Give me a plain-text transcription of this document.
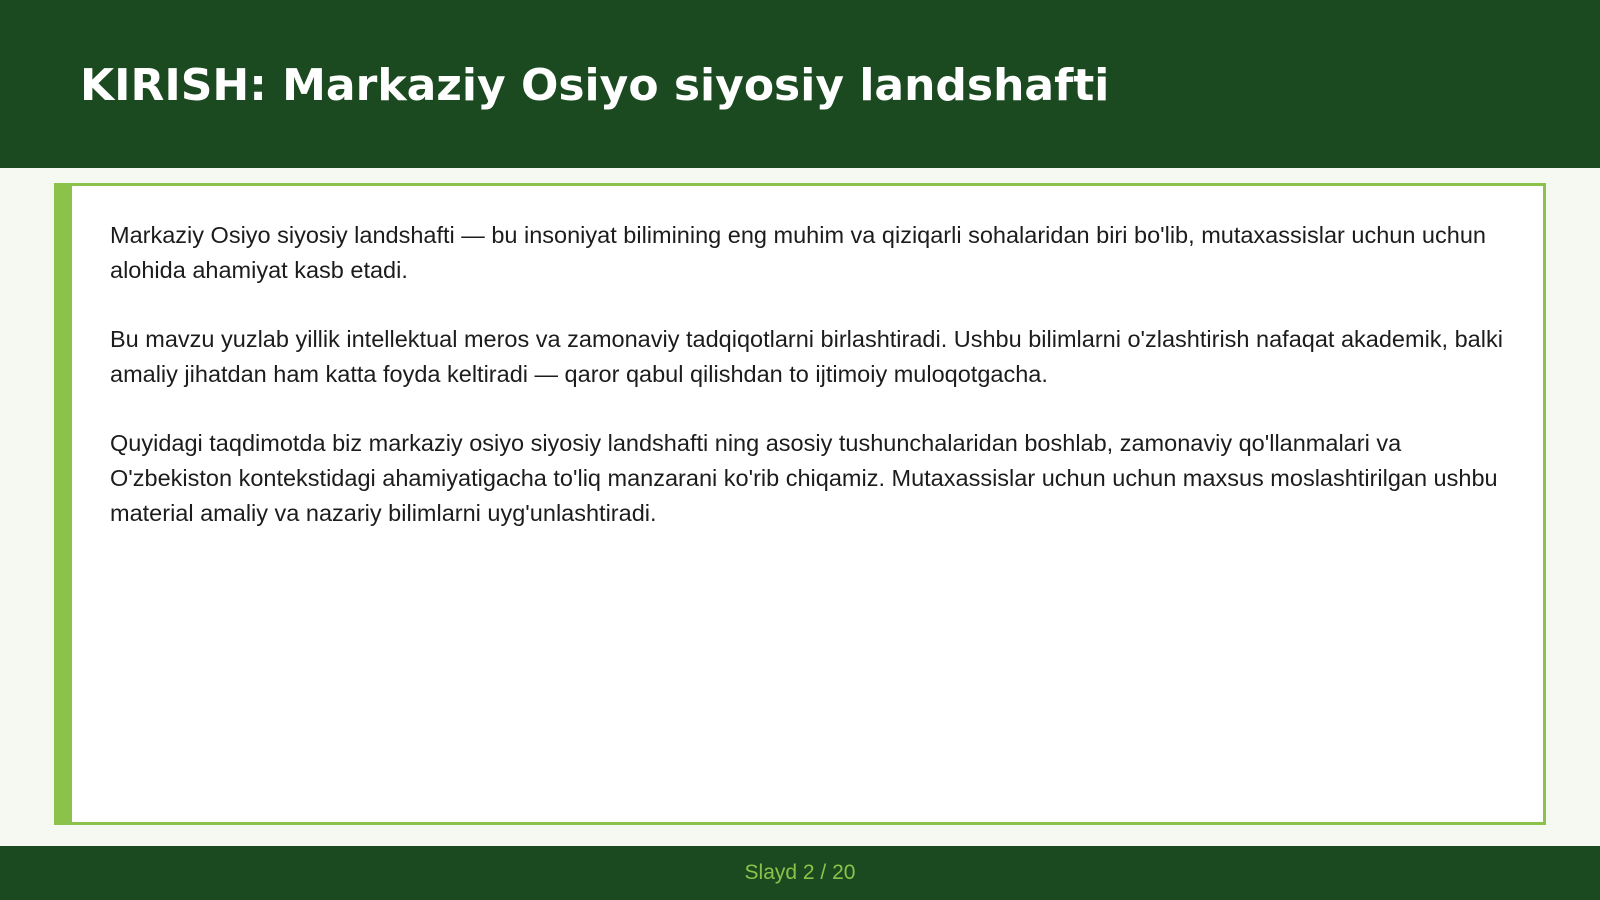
KIRISH: Markaziy Osiyo siyosiy landshafti

Markaziy Osiyo siyosiy landshafti — bu insoniyat bilimining eng muhim va qiziqarli sohalaridan biri bo'lib, mutaxassislar uchun uchun alohida ahamiyat kasb etadi.

Bu mavzu yuzlab yillik intellektual meros va zamonaviy tadqiqotlarni birlashtiradi. Ushbu bilimlarni o'zlashtirish nafaqat akademik, balki amaliy jihatdan ham katta foyda keltiradi — qaror qabul qilishdan to ijtimoiy muloqotgacha.

Quyidagi taqdimotda biz markaziy osiyo siyosiy landshafti ning asosiy tushunchalaridan boshlab, zamonaviy qo'llanmalari va O'zbekiston kontekstidagi ahamiyatigacha to'liq manzarani ko'rib chiqamiz. Mutaxassislar uchun uchun maxsus moslashtirilgan ushbu material amaliy va nazariy bilimlarni uyg'unlashtiradi.

Slayd 2 / 20
